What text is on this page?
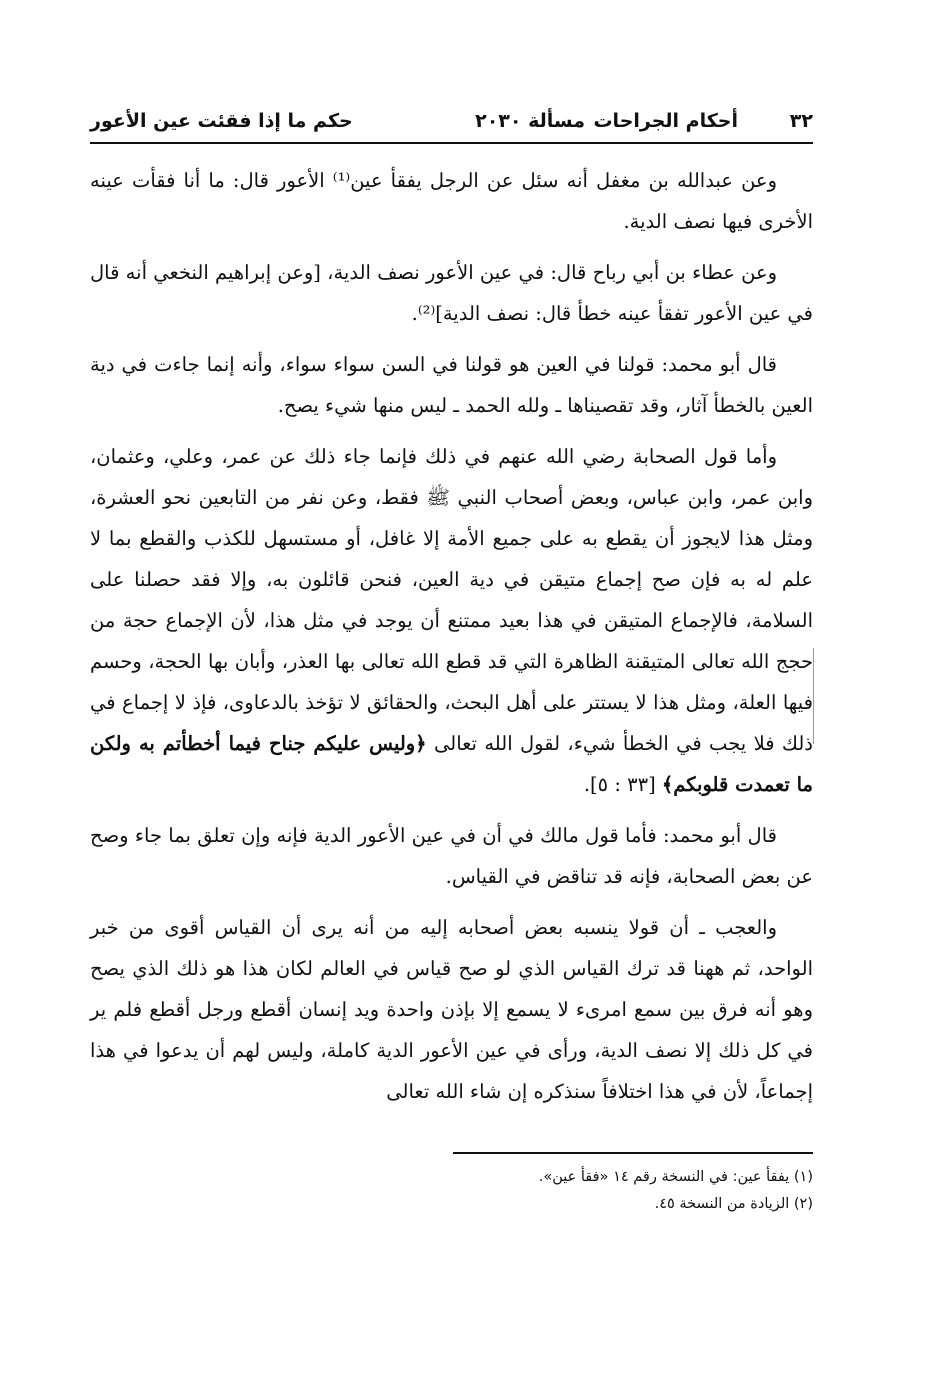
٣٢
أحكام الجراحات
مسألة ٢٠٣٠
حكم ما إذا فقئت عين الأعور

وعن عبدالله بن مغفل أنه سئل عن الرجل يفقأ عين⁽¹⁾ الأعور قال: ما أنا فقأت عينه الأخرى فيها نصف الدية.

وعن عطاء بن أبي رباح قال: في عين الأعور نصف الدية، [وعن إبراهيم النخعي أنه قال في عين الأعور تفقأ عينه خطأ قال: نصف الدية]⁽²⁾.

قال أبو محمد: قولنا في العين هو قولنا في السن سواء سواء، وأنه إنما جاءت في دية العين بالخطأ آثار، وقد تقصيناها ـ ولله الحمد ـ ليس منها شيء يصح.

وأما قول الصحابة رضي الله عنهم في ذلك فإنما جاء ذلك عن عمر، وعلي، وعثمان، وابن عمر، وابن عباس، وبعض أصحاب النبي ﷺ فقط، وعن نفر من التابعين نحو العشرة، ومثل هذا لايجوز أن يقطع به على جميع الأمة إلا غافل، أو مستسهل للكذب والقطع بما لا علم له به فإن صح إجماع متيقن في دية العين، فنحن قائلون به، وإلا فقد حصلنا على السلامة، فالإجماع المتيقن في هذا بعيد ممتنع أن يوجد في مثل هذا، لأن الإجماع حجة من حجج الله تعالى المتيقنة الظاهرة التي قد قطع الله تعالى بها العذر، وأبان بها الحجة، وحسم فيها العلة، ومثل هذا لا يستتر على أهل البحث، والحقائق لا تؤخذ بالدعاوى، فإذ لا إجماع في ذلك فلا يجب في الخطأ شيء، لقول الله تعالى ﴿وليس عليكم جناح فيما أخطأتم به ولكن ما تعمدت قلوبكم﴾ [٣٣ : ٥].

قال أبو محمد: فأما قول مالك في أن في عين الأعور الدية فإنه وإن تعلق بما جاء وصح عن بعض الصحابة، فإنه قد تناقض في القياس.

والعجب ـ أن قولا ينسبه بعض أصحابه إليه من أنه يرى أن القياس أقوى من خبر الواحد، ثم ههنا قد ترك القياس الذي لو صح قياس في العالم لكان هذا هو ذلك الذي يصح وهو أنه فرق بين سمع امرىء لا يسمع إلا بإذن واحدة ويد إنسان أقطع ورجل أقطع فلم ير في كل ذلك إلا نصف الدية، ورأى في عين الأعور الدية كاملة، وليس لهم أن يدعوا في هذا إجماعاً، لأن في هذا اختلافاً سنذكره إن شاء الله تعالى

(١) يفقأ عين: في النسخة رقم ١٤ «فقأ عين».
(٢) الزيادة من النسخة ٤٥.
